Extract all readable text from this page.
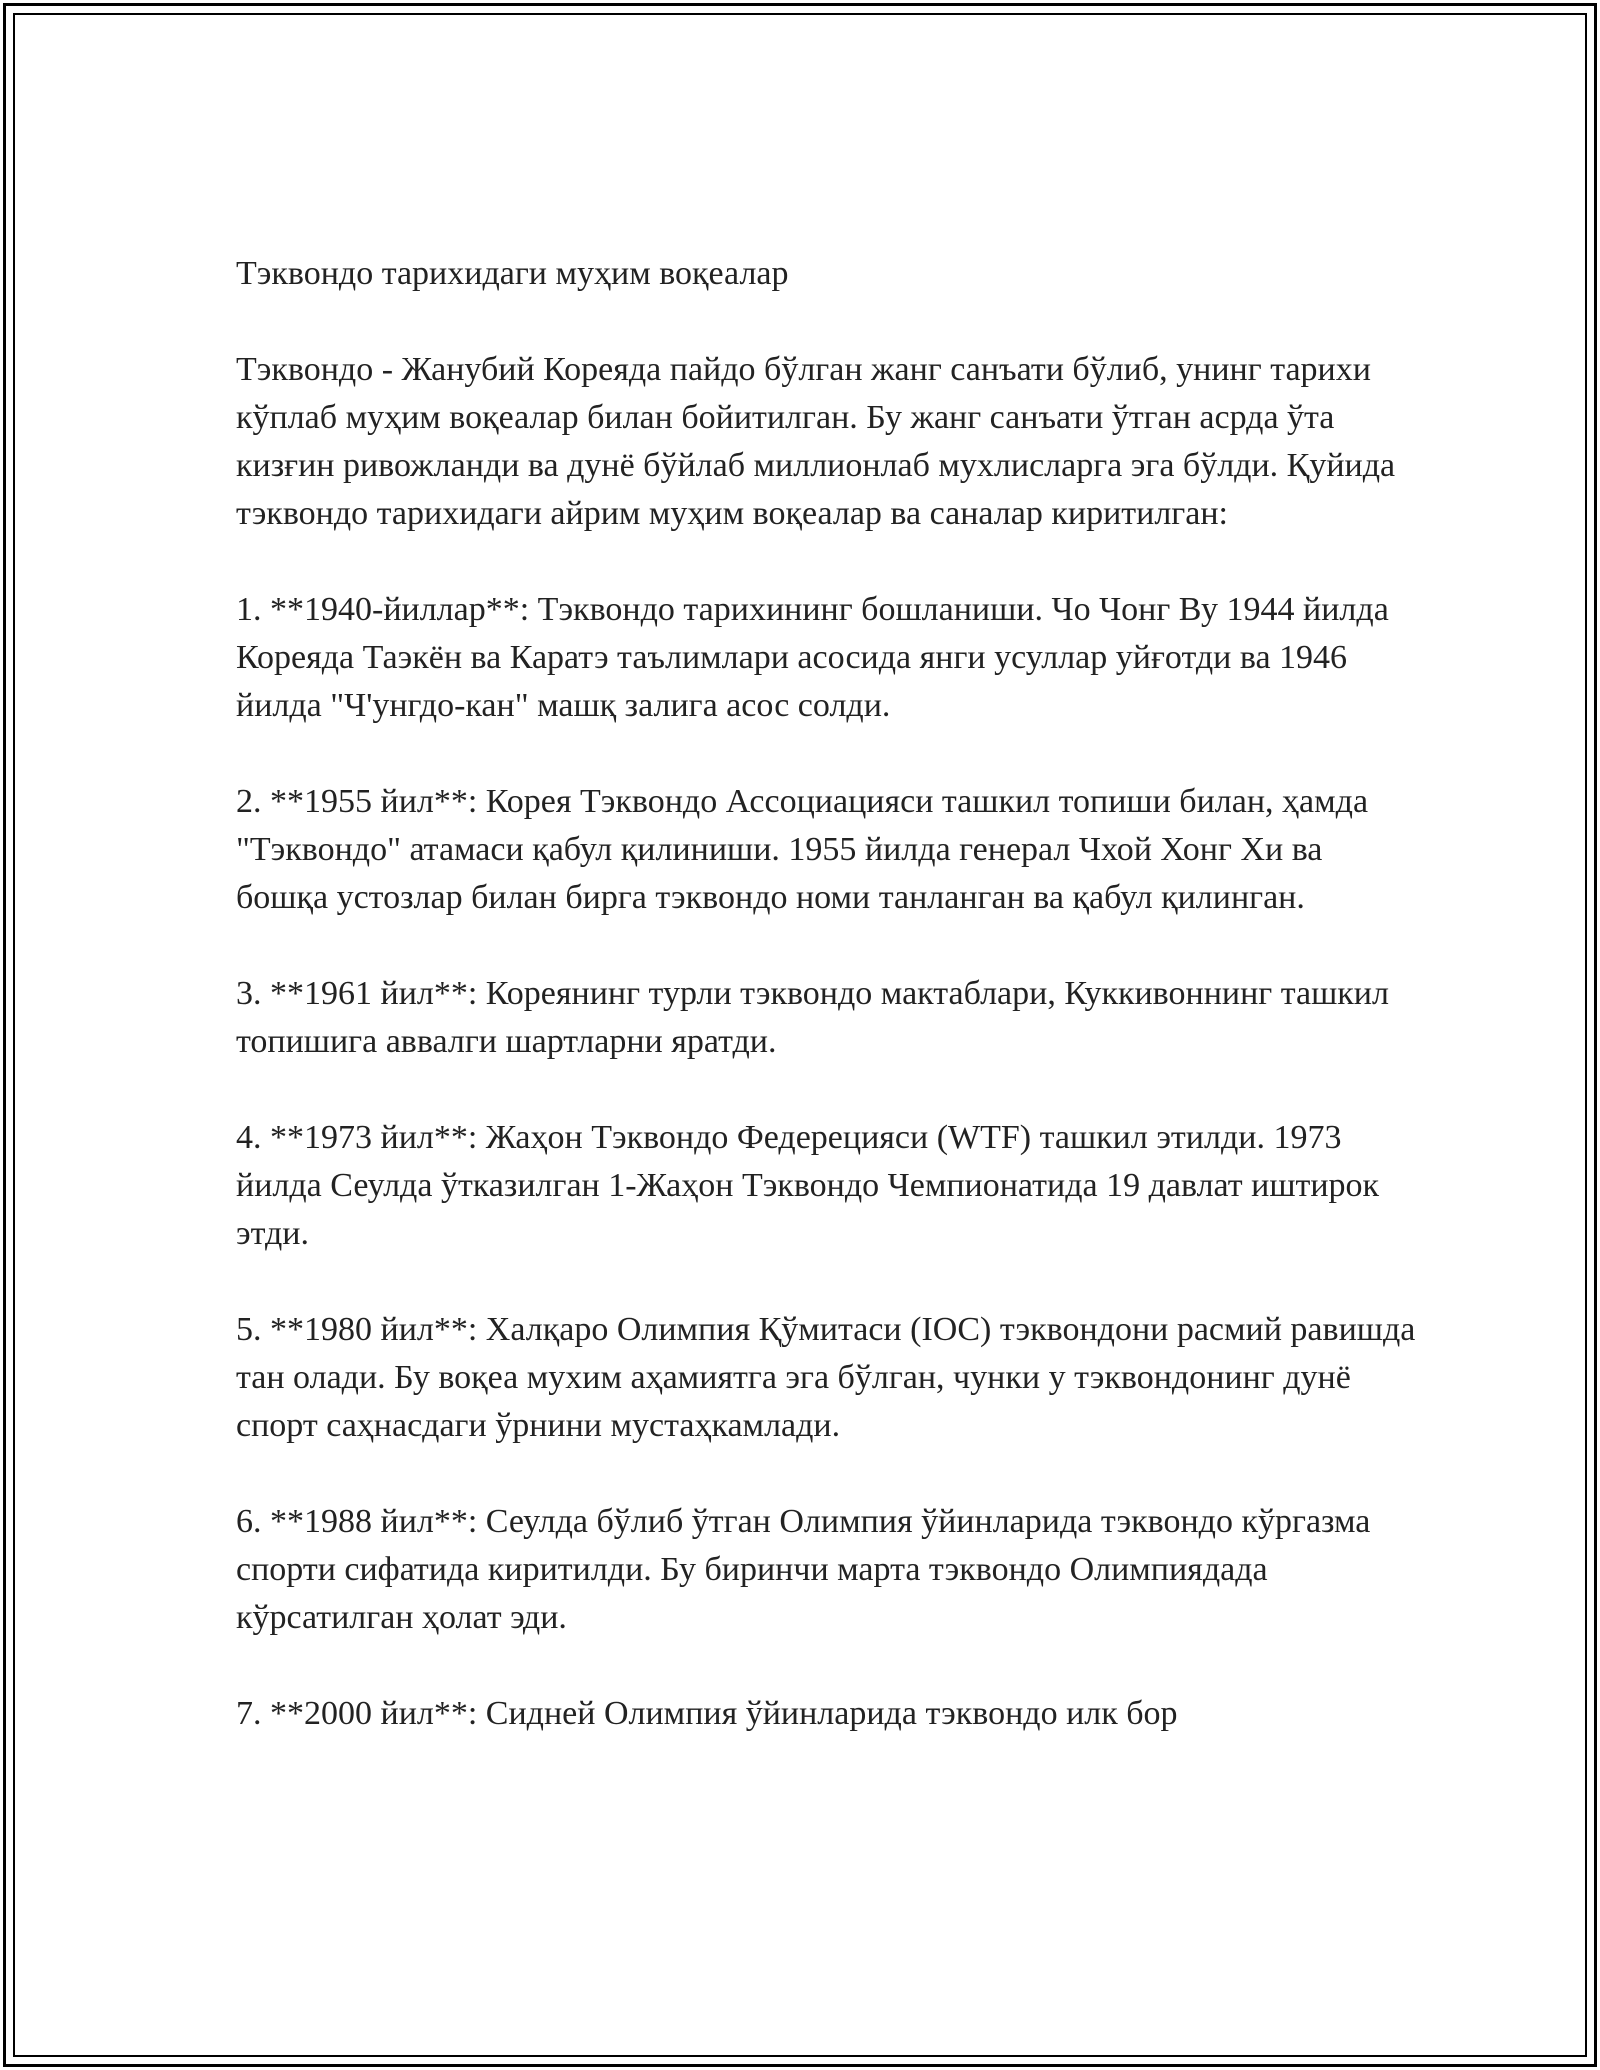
Тэквондо тарихидаги муҳим воқеалар

Тэквондо - Жанубий Кореяда пайдо бўлган жанг санъати бўлиб, унинг тарихи кўплаб муҳим воқеалар билан бойитилган. Бу жанг санъати ўтган асрда ўта кизғин ривожланди ва дунё бўйлаб миллионлаб мухлисларга эга бўлди. Қуйида тэквондо тарихидаги айрим муҳим воқеалар ва саналар киритилган:

1. **1940-йиллар**: Тэквондо тарихининг бошланиши. Чо Чонг Ву 1944 йилда Кореяда Таэкён ва Каратэ таълимлари асосида янги усуллар уйғотди ва 1946 йилда "Ч'унгдо-кан" машқ залига асос солди.

2. **1955 йил**: Корея Тэквондо Ассоциацияси ташкил топиши билан, ҳамда "Тэквондо" атамаси қабул қилиниши. 1955 йилда генерал Чхой Хонг Хи ва бошқа устозлар билан бирга тэквондо номи танланган ва қабул қилинган.

3. **1961 йил**: Кореянинг турли тэквондо мактаблари, Куккивоннинг ташкил топишига аввалги шартларни яратди.

4. **1973 йил**: Жаҳон Тэквондо Федерецияси (WTF) ташкил этилди. 1973 йилда Сеулда ўтказилган 1-Жаҳон Тэквондо Чемпионатида 19 давлат иштирок этди.

5. **1980 йил**: Халқаро Олимпия Қўмитаси (IOC) тэквондони расмий равишда тан олади. Бу воқеа мухим аҳамиятга эга бўлган, чунки у тэквондонинг дунё спорт саҳнасдаги ўрнини мустаҳкамлади.

6. **1988 йил**: Сеулда бўлиб ўтган Олимпия ўйинларида тэквондо кўргазма спорти сифатида киритилди. Бу биринчи марта тэквондо Олимпиядада кўрсатилган ҳолат эди.

7. **2000 йил**: Сидней Олимпия ўйинларида тэквондо илк бор
